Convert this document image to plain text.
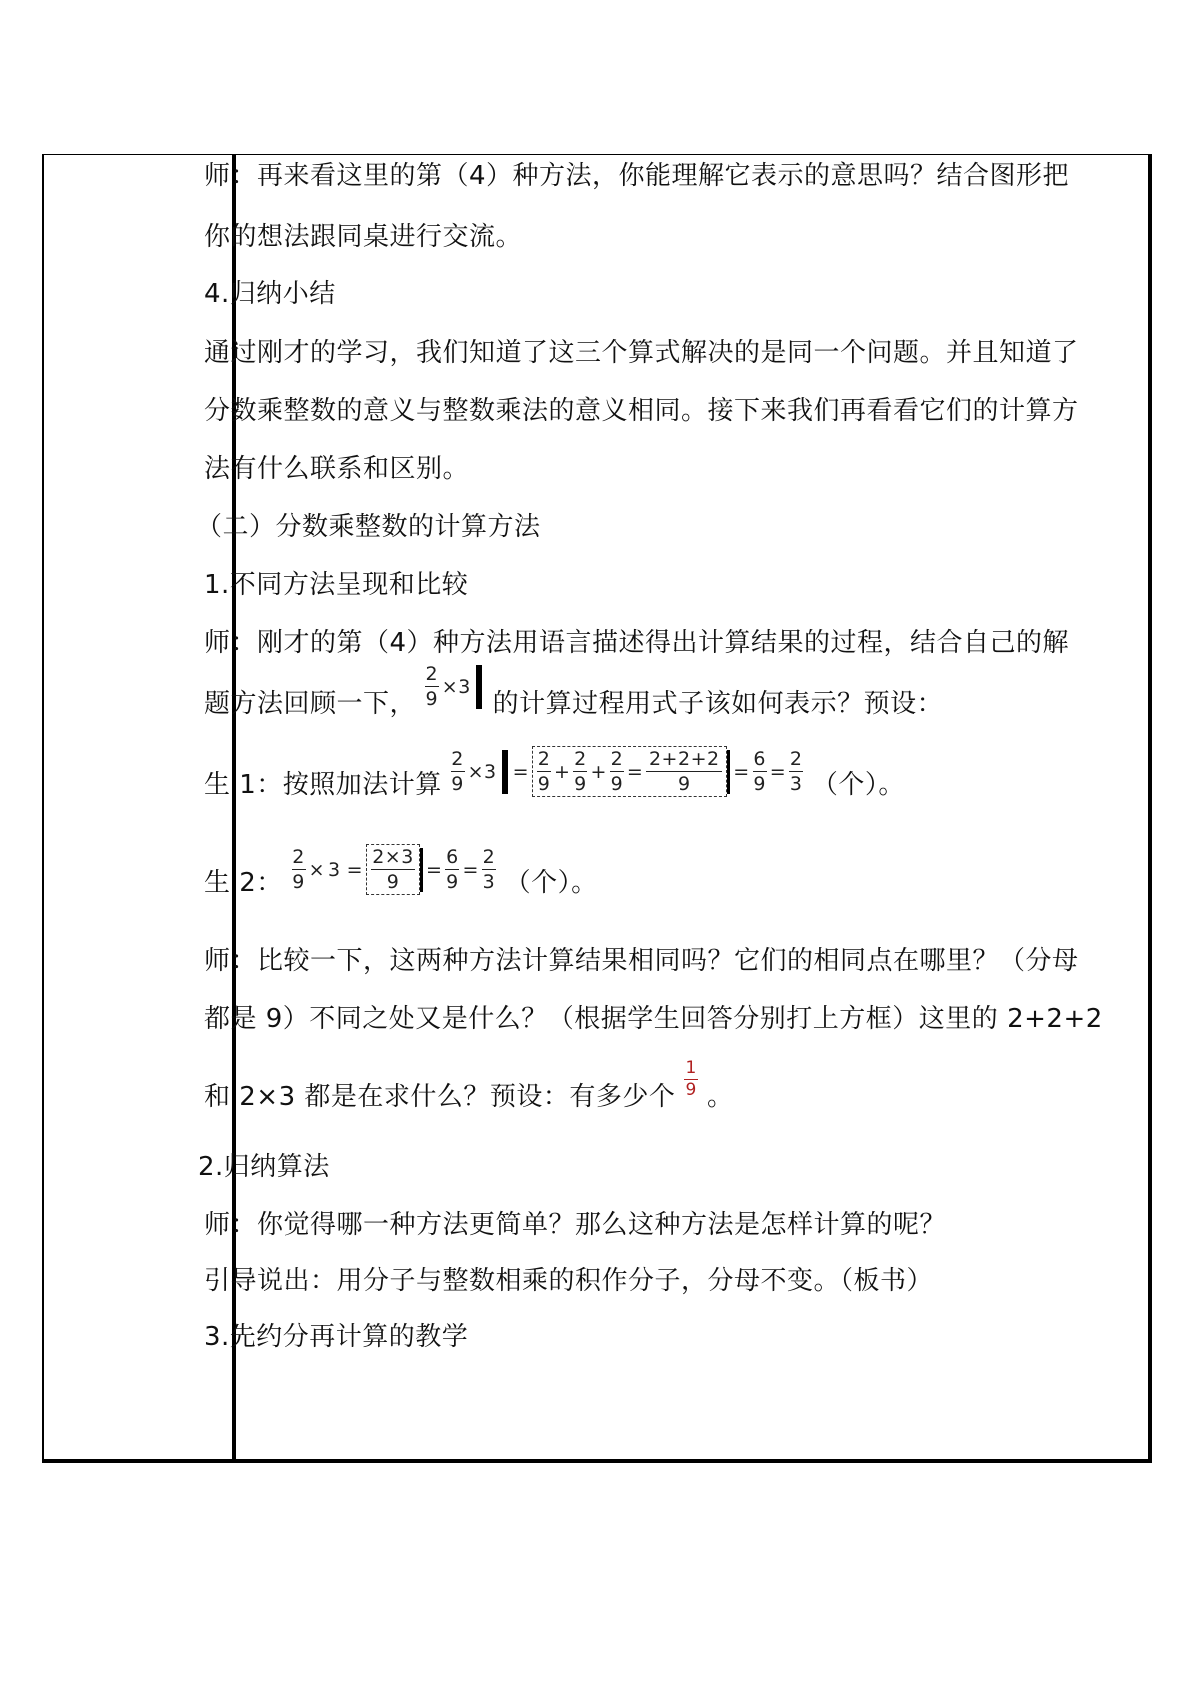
师：再来看这里的第（4）种方法，你能理解它表示的意思吗？结合图形把
你的想法跟同桌进行交流。
4.归纳小结
通过刚才的学习，我们知道了这三个算式解决的是同一个问题。并且知道了
分数乘整数的意义与整数乘法的意义相同。接下来我们再看看它们的计算方
法有什么联系和区别。
（二）分数乘整数的计算方法
1.不同方法呈现和比较
师：刚才的第（4）种方法用语言描述得出计算结果的过程，结合自己的解
题方法回顾一下， $\frac{2}{9} \times 3$ 的计算过程用式子该如何表示？预设：
生 1：按照加法计算 $\frac{2}{9} \times 3 = \frac{2}{9} + \frac{2}{9} + \frac{2}{9} = \frac{2+2+2}{9} = \frac{6}{9} = \frac{2}{3}$ （个）。
生 2： $\frac{2}{9} \times 3 = \frac{2\times 3}{9} = \frac{6}{9} = \frac{2}{3}$ （个）。
师：比较一下，这两种方法计算结果相同吗？它们的相同点在哪里？（分母
都是 9）不同之处又是什么？（根据学生回答分别打上方框）这里的 2+2+2
和 2×3 都是在求什么？预设：有多少个 $\frac{1}{9}$ 。
2.归纳算法
师：你觉得哪一种方法更简单？那么这种方法是怎样计算的呢？
引导说出：用分子与整数相乘的积作分子，分母不变。（板书）
3.先约分再计算的教学
